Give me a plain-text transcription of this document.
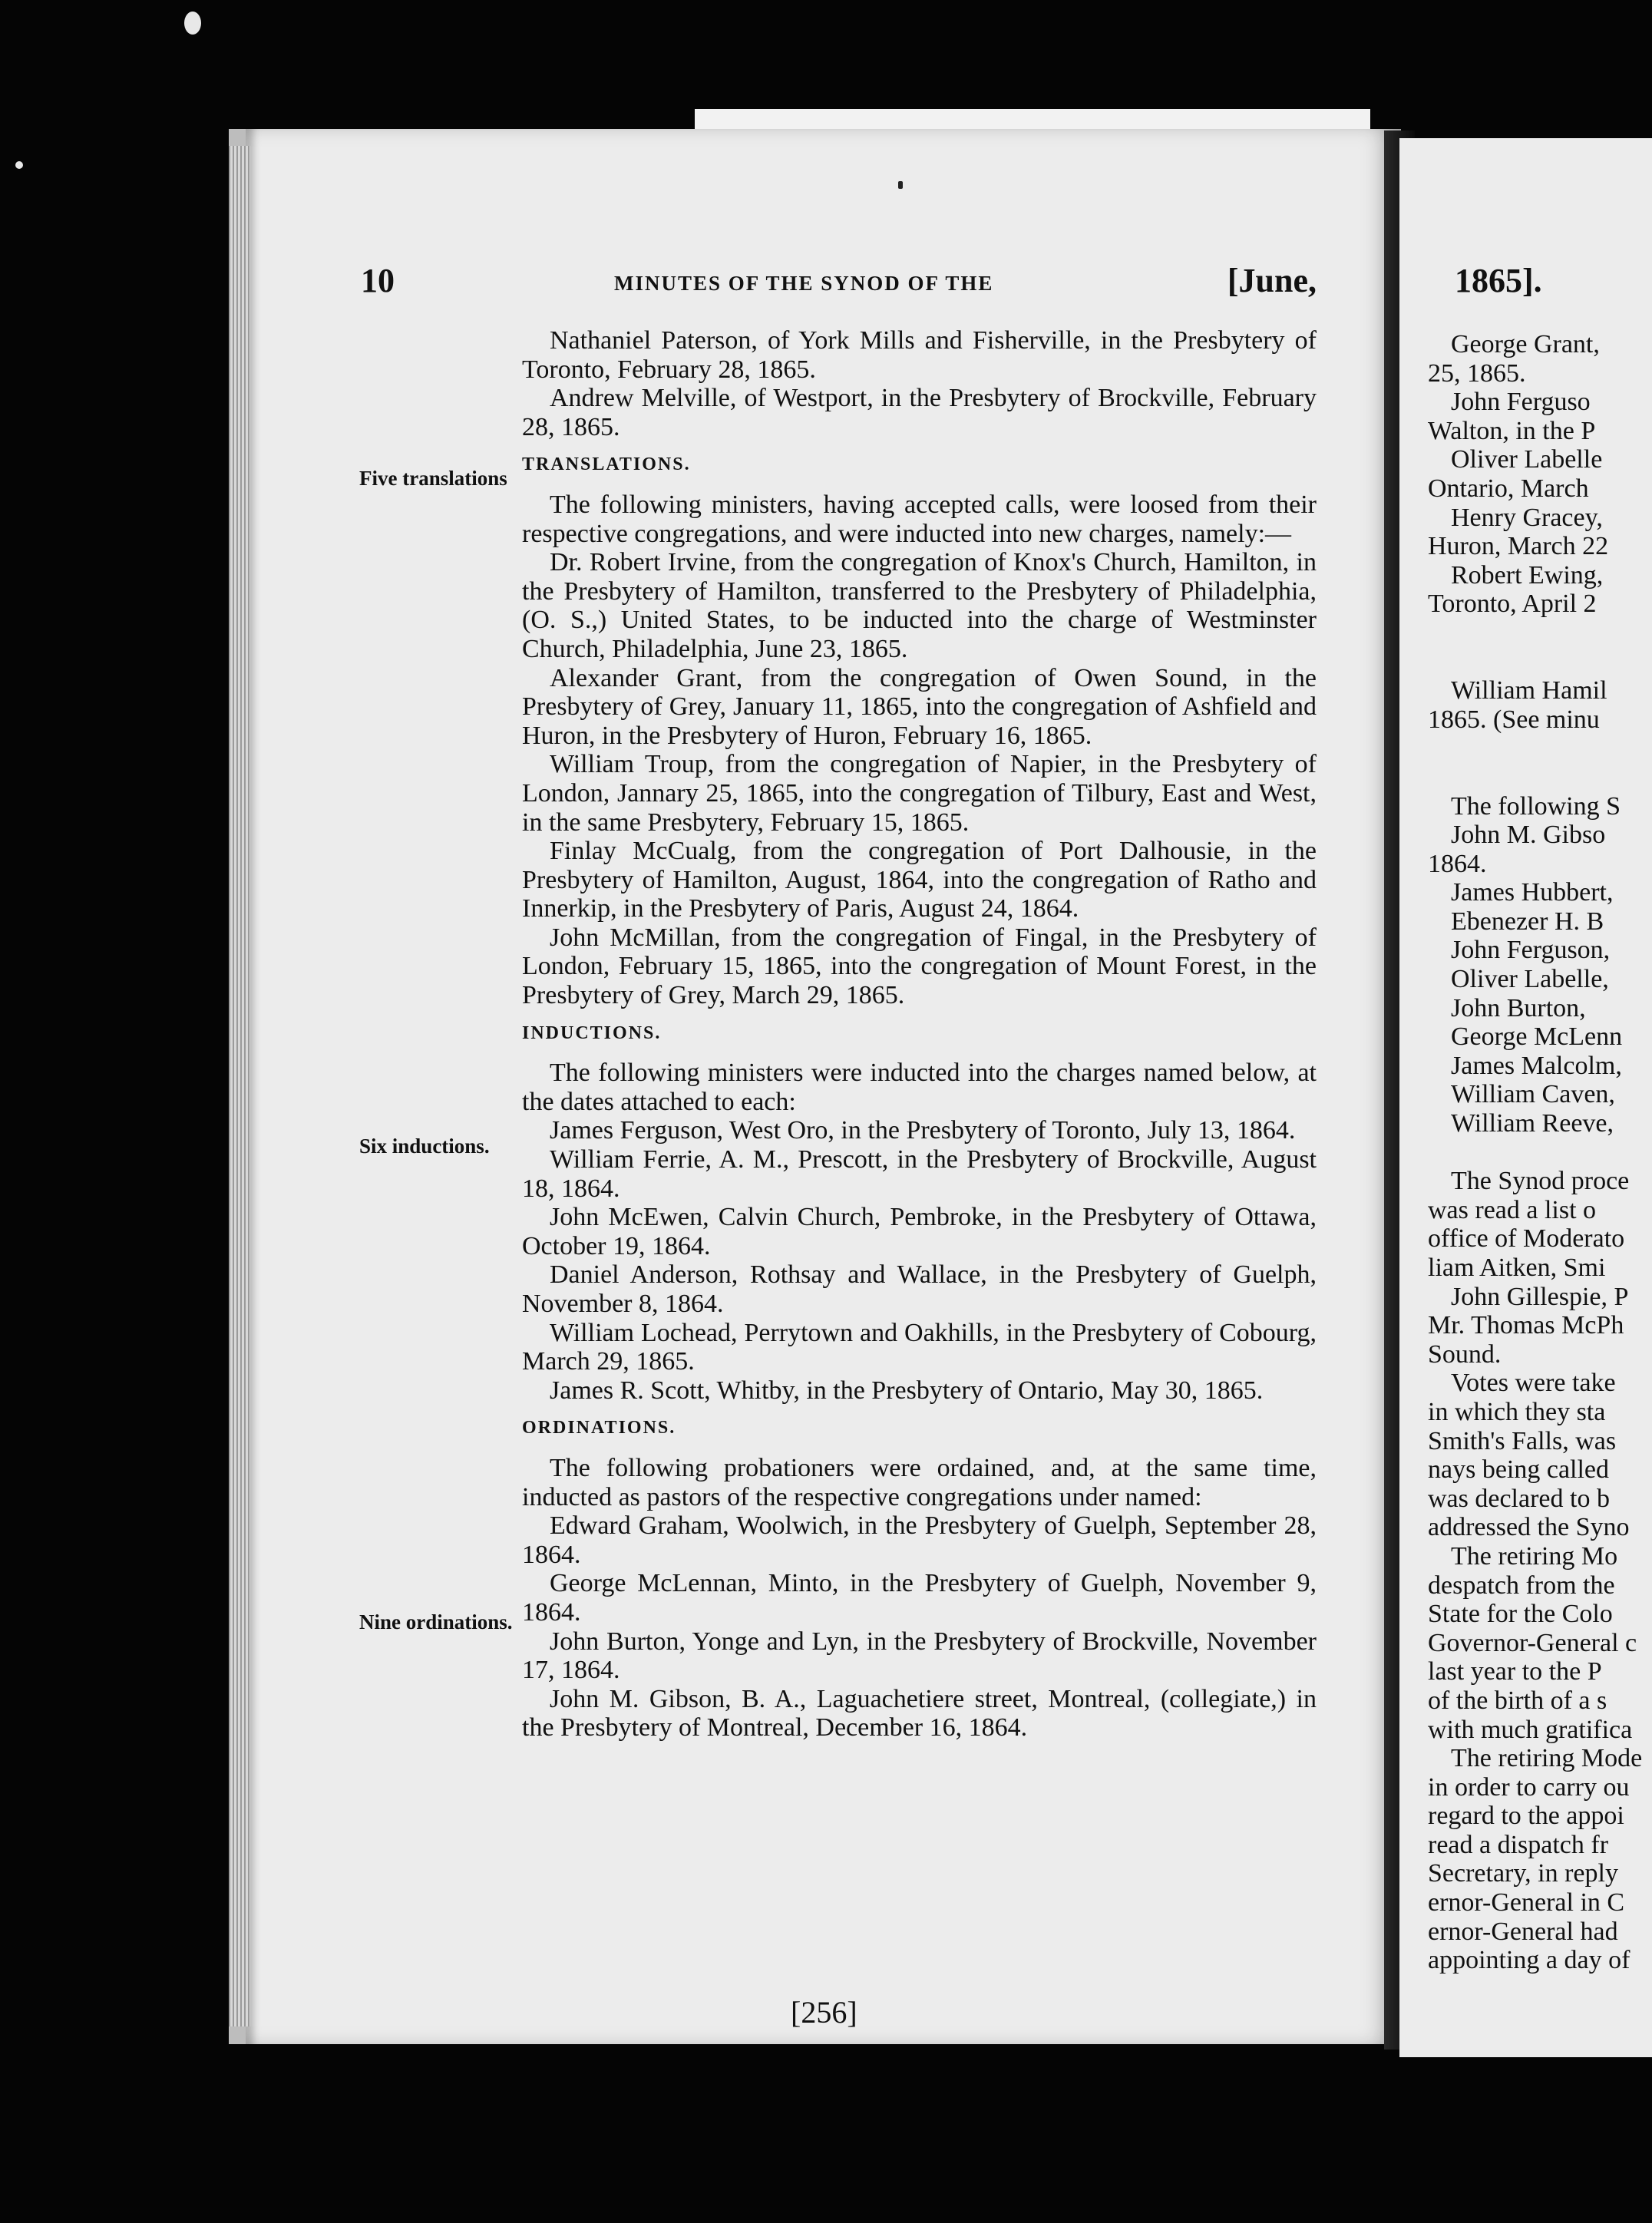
10	MINUTES OF THE SYNOD OF THE	[June,
Five translations
Six inductions.
Nine ordinations.

Nathaniel Paterson, of York Mills and Fisherville, in the Presbytery of Toronto, February 28, 1865.

Andrew Melville, of Westport, in the Presbytery of Brockville, February 28, 1865.

TRANSLATIONS.

The following ministers, having accepted calls, were loosed from their respective congregations, and were inducted into new charges, namely:—

Dr. Robert Irvine, from the congregation of Knox's Church, Hamilton, in the Presbytery of Hamilton, transferred to the Presbytery of Philadelphia, (O. S.,) United States, to be inducted into the charge of Westminster Church, Philadelphia, June 23, 1865.

Alexander Grant, from the congregation of Owen Sound, in the Presbytery of Grey, January 11, 1865, into the congregation of Ashfield and Huron, in the Presbytery of Huron, February 16, 1865.

William Troup, from the congregation of Napier, in the Presbytery of London, Jannary 25, 1865, into the congregation of Tilbury, East and West, in the same Presbytery, February 15, 1865.

Finlay McCualg, from the congregation of Port Dalhousie, in the Presbytery of Hamilton, August, 1864, into the congregation of Ratho and Innerkip, in the Presbytery of Paris, August 24, 1864.

John McMillan, from the congregation of Fingal, in the Presbytery of London, February 15, 1865, into the congregation of Mount Forest, in the Presbytery of Grey, March 29, 1865.

INDUCTIONS.

The following ministers were inducted into the charges named below, at the dates attached to each:

James Ferguson, West Oro, in the Presbytery of Toronto, July 13, 1864.

William Ferrie, A. M., Prescott, in the Presbytery of Brockville, August 18, 1864.

John McEwen, Calvin Church, Pembroke, in the Presbytery of Ottawa, October 19, 1864.

Daniel Anderson, Rothsay and Wallace, in the Presbytery of Guelph, November 8, 1864.

William Lochead, Perrytown and Oakhills, in the Presbytery of Cobourg, March 29, 1865.

James R. Scott, Whitby, in the Presbytery of Ontario, May 30, 1865.

ORDINATIONS.

The following probationers were ordained, and, at the same time, inducted as pastors of the respective congregations under named:

Edward Graham, Woolwich, in the Presbytery of Guelph, September 28, 1864.

George McLennan, Minto, in the Presbytery of Guelph, November 9, 1864.

John Burton, Yonge and Lyn, in the Presbytery of Brockville, November 17, 1864.

John M. Gibson, B. A., Laguachetiere street, Montreal, (collegiate,) in the Presbytery of Montreal, December 16, 1864.

[256]
1865].
George Grant,
25, 1865.
John Ferguso
Walton, in the P
Oliver Labelle
Ontario, March
Henry Gracey,
Huron, March 22
Robert Ewing,
Toronto, April 2
William Hamil
1865. (See minu
The following S
John M. Gibso
1864.
James Hubbert,
Ebenezer H. B
John Ferguson,
Oliver Labelle,
John Burton,
George McLenn
James Malcolm,
William Caven,
William Reeve,
The Synod proce
was read a list o
office of Moderato
liam Aitken, Smi
John Gillespie, P
Mr. Thomas McPh
Sound.
Votes were take
in which they sta
Smith's Falls, was
nays being called
was declared to b
addressed the Syno
The retiring Mo
despatch from the
State for the Colo
Governor-General c
last year to the P
of the birth of a s
with much gratifica
The retiring Mode
in order to carry ou
regard to the appoi
read a dispatch fr
Secretary, in reply
ernor-General in C
ernor-General had
appointing a day of
